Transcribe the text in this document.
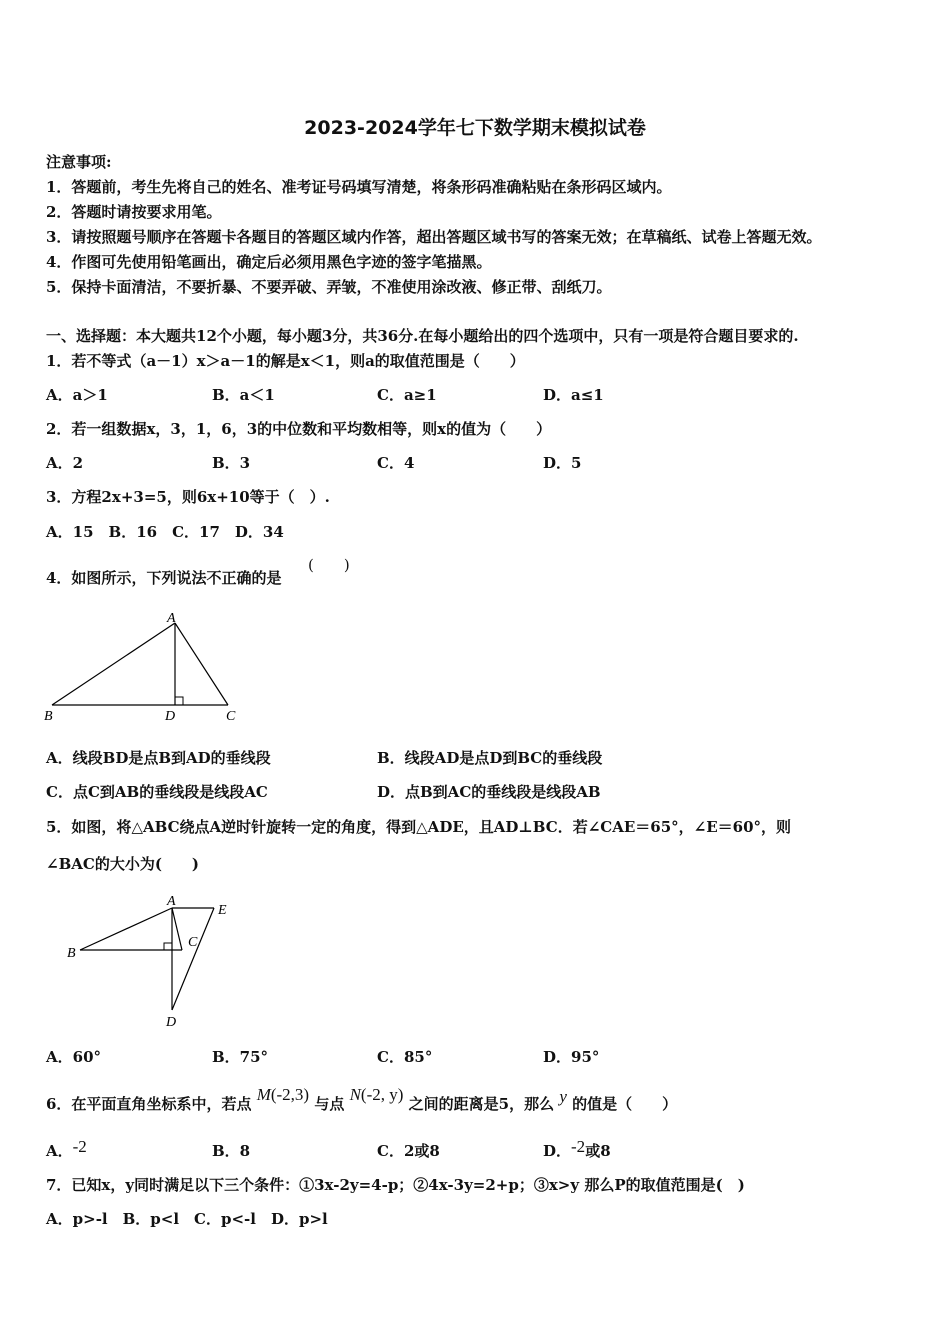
2023-2024学年七下数学期末模拟试卷
注意事项:
1．答题前，考生先将自己的姓名、准考证号码填写清楚，将条形码准确粘贴在条形码区域内。
2．答题时请按要求用笔。
3．请按照题号顺序在答题卡各题目的答题区域内作答，超出答题区域书写的答案无效；在草稿纸、试卷上答题无效。
4．作图可先使用铅笔画出，确定后必须用黑色字迹的签字笔描黑。
5．保持卡面清洁，不要折暴、不要弄破、弄皱，不准使用涂改液、修正带、刮纸刀。
一、选择题：本大题共12个小题，每小题3分，共36分.在每小题给出的四个选项中，只有一项是符合题目要求的.
1．若不等式（a－1）x＞a－1的解是x＜1，则a的取值范围是（　　）
A．a＞1	B．a＜1	C．a≥1	D．a≤1
2．若一组数据x，3，1，6，3的中位数和平均数相等，则x的值为（　　）
A．2	B．3	C．4	D．5
3．方程2x+3=5，则6x+10等于（　）.
A．15　B．16　C．17　D．34
4．如图所示，下列说法不正确的是
(　　)
A
B	D	C
A．线段BD是点B到AD的垂线段	B．线段AD是点D到BC的垂线段
C．点C到AB的垂线段是线段AC	D．点B到AC的垂线段是线段AB
5．如图，将△ABC绕点A逆时针旋转一定的角度，得到△ADE，且AD⊥BC．若∠CAE＝65°，∠E＝60°，则
∠BAC的大小为(　　)
A
B
C
D
E
A．60°	B．75°	C．85°	D．95°
6．在平面直角坐标系中，若点 M(-2,3) 与点 N(-2, y) 之间的距离是5，那么 y 的值是（　　）
A．-2	B．8	C．2或8	D．-2或8
7．已知x，y同时满足以下三个条件：①3x-2y=4-p；②4x-3y=2+p；③x>y 那么P的取值范围是(　)
A．p>-l　B．p<l　C．p<-l　D．p>l
